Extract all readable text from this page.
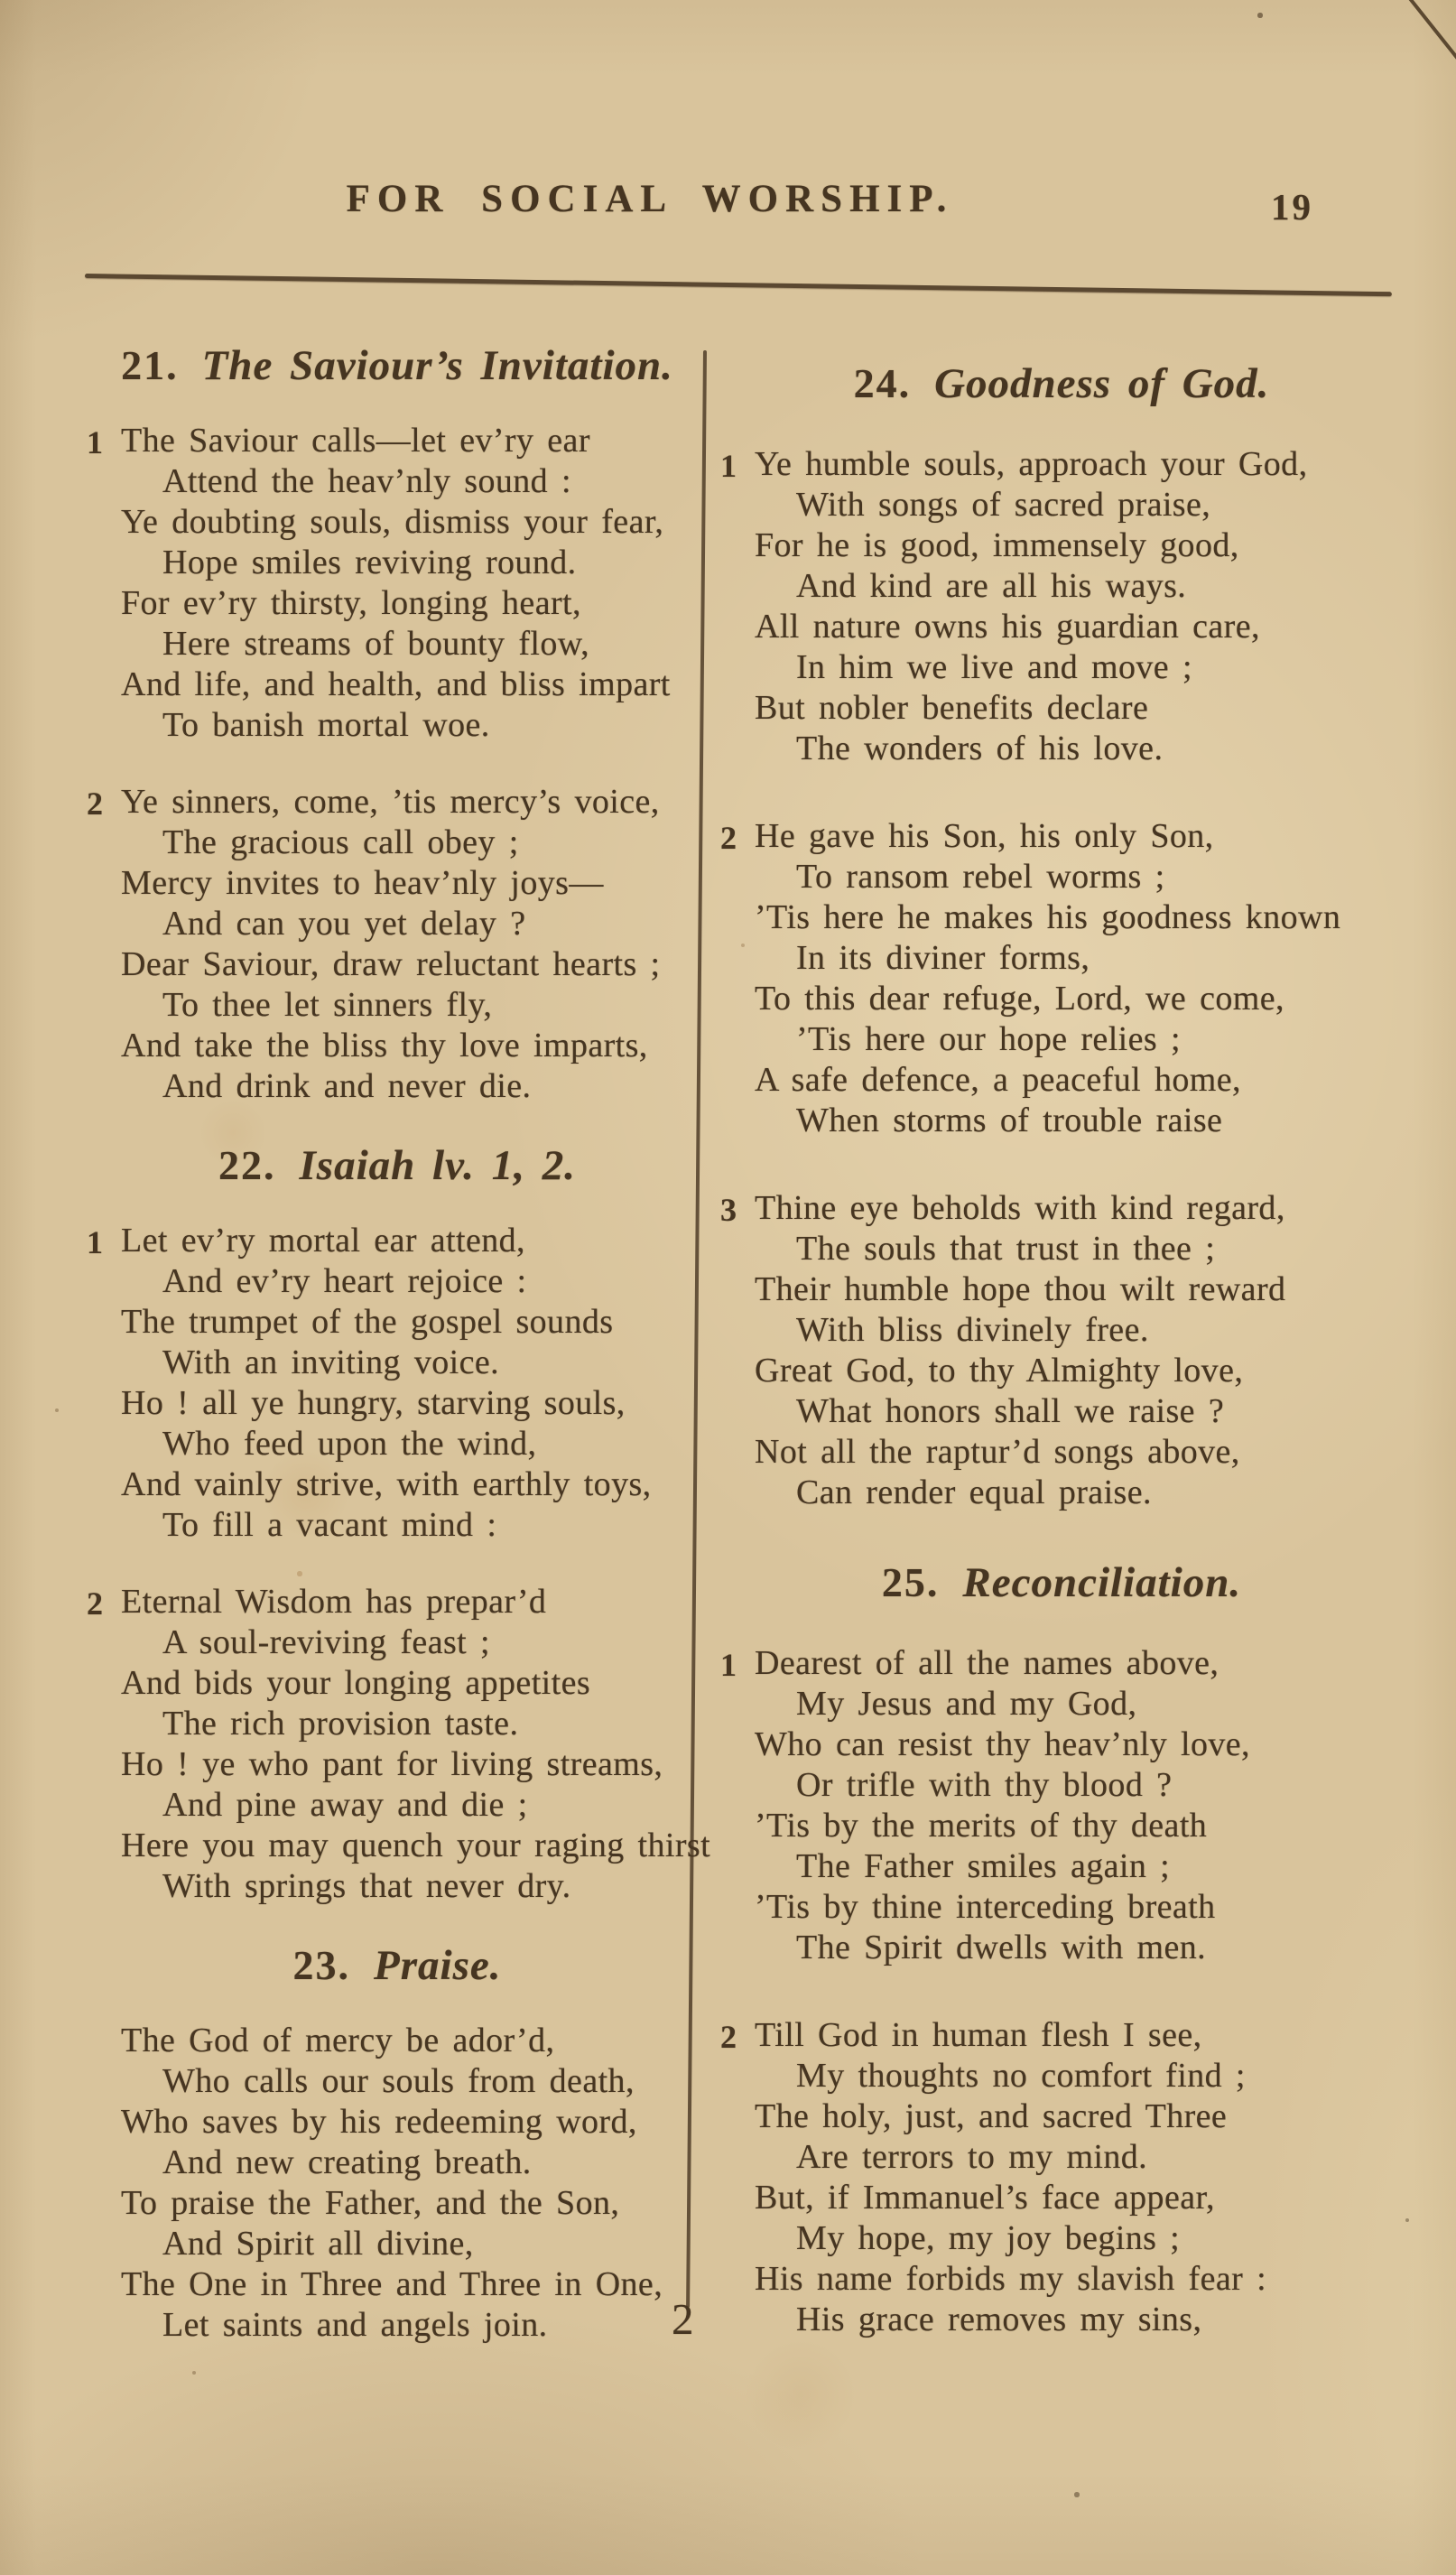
FOR SOCIAL WORSHIP.	19
21. The Saviour’s Invitation.
1 The Saviour calls—let ev’ry ear
Attend the heav’nly sound :
Ye doubting souls, dismiss your fear,
Hope smiles reviving round.
For ev’ry thirsty, longing heart,
Here streams of bounty flow,
And life, and health, and bliss impart
To banish mortal woe.
2 Ye sinners, come, ’tis mercy’s voice,
The gracious call obey ;
Mercy invites to heav’nly joys—
And can you yet delay ?
Dear Saviour, draw reluctant hearts ;
To thee let sinners fly,
And take the bliss thy love imparts,
And drink and never die.
22. Isaiah lv. 1, 2.
1 Let ev’ry mortal ear attend,
And ev’ry heart rejoice :
The trumpet of the gospel sounds
With an inviting voice.
Ho ! all ye hungry, starving souls,
Who feed upon the wind,
And vainly strive, with earthly toys,
To fill a vacant mind :
2 Eternal Wisdom has prepar’d
A soul-reviving feast ;
And bids your longing appetites
The rich provision taste.
Ho ! ye who pant for living streams,
And pine away and die ;
Here you may quench your raging thirst
With springs that never dry.
23. Praise.
The God of mercy be ador’d,
Who calls our souls from death,
Who saves by his redeeming word,
And new creating breath.
To praise the Father, and the Son,
And Spirit all divine,
The One in Three and Three in One,
Let saints and angels join.
24. Goodness of God.
1 Ye humble souls, approach your God,
With songs of sacred praise,
For he is good, immensely good,
And kind are all his ways.
All nature owns his guardian care,
In him we live and move ;
But nobler benefits declare
The wonders of his love.
2 He gave his Son, his only Son,
To ransom rebel worms ;
’Tis here he makes his goodness known
In its diviner forms,
To this dear refuge, Lord, we come,
’Tis here our hope relies ;
A safe defence, a peaceful home,
When storms of trouble raise
3 Thine eye beholds with kind regard,
The souls that trust in thee ;
Their humble hope thou wilt reward
With bliss divinely free.
Great God, to thy Almighty love,
What honors shall we raise ?
Not all the raptur’d songs above,
Can render equal praise.
25. Reconciliation.
1 Dearest of all the names above,
My Jesus and my God,
Who can resist thy heav’nly love,
Or trifle with thy blood ?
’Tis by the merits of thy death
The Father smiles again ;
’Tis by thine interceding breath
The Spirit dwells with men.
2 Till God in human flesh I see,
My thoughts no comfort find ;
The holy, just, and sacred Three
Are terrors to my mind.
But, if Immanuel’s face appear,
My hope, my joy begins ;
His name forbids my slavish fear :
His grace removes my sins,
2
